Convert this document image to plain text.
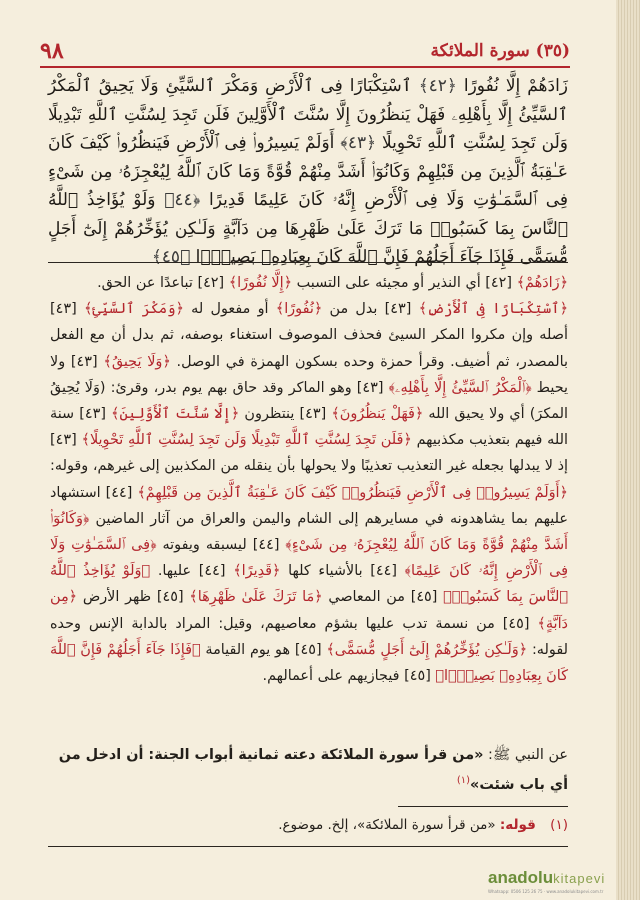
٩٨	(٣٥) سورة الملائكة
زَادَهُمْ إِلَّا نُفُورًا ﴿٤٢﴾ ٱسْتِكْبَارًا فِى ٱلْأَرْضِ وَمَكْرَ ٱلسَّيِّئِ وَلَا يَحِيقُ ٱلْمَكْرُ ٱلسَّيِّئُ إِلَّا بِأَهْلِهِۦ فَهَلْ يَنظُرُونَ إِلَّا سُنَّتَ ٱلْأَوَّلِينَ فَلَن تَجِدَ لِسُنَّتِ ٱللَّهِ تَبْدِيلًا وَلَن تَجِدَ لِسُنَّتِ ٱللَّهِ تَحْوِيلًا ﴿٤٣﴾ أَوَلَمْ يَسِيرُوا۟ فِى ٱلْأَرْضِ فَيَنظُرُوا۟ كَيْفَ كَانَ عَـٰقِبَةُ ٱلَّذِينَ مِن قَبْلِهِمْ وَكَانُوٓا۟ أَشَدَّ مِنْهُمْ قُوَّةً وَمَا كَانَ ٱللَّهُ لِيُعْجِزَهُۥ مِن شَىْءٍ فِى ٱلسَّمَـٰوَٰتِ وَلَا فِى ٱلْأَرْضِ إِنَّهُۥ كَانَ عَلِيمًا قَدِيرًا ﴿٤٤﴾ وَلَوْ يُؤَاخِذُ ٱللَّهُ ٱلنَّاسَ بِمَا كَسَبُوا۟ مَا تَرَكَ عَلَىٰ ظَهْرِهَا مِن دَآبَّةٍ وَلَـٰكِن يُؤَخِّرُهُمْ إِلَىٰٓ أَجَلٍ مُّسَمًّى فَإِذَا جَآءَ أَجَلُهُمْ فَإِنَّ ٱللَّهَ كَانَ بِعِبَادِهِۦ بَصِيرًۢا ﴿٤٥﴾

﴿ زَادَهُمْ ﴾ [٤٢] أي النذير أو مجيئه على التسبب ﴿ إِلَّا نُفُورًا ﴾ [٤٢] تباعدًا عن الحق.

﴿ ٱسْتِكْبَارًا فِى ٱلْأَرْضِ ﴾ [٤٣] بدل من ﴿ نُفُورًا ﴾ أو مفعول له ﴿ وَمَكْرَ ٱلسَّيِّئِ ﴾ [٤٣] أصله وإن مكروا المكر السيئ فحذف الموصوف استغناء بوصفه، ثم بدل أن مع الفعل بالمصدر، ثم أضيف. وقرأ حمزة وحده بسكون الهمزة في الوصل. ﴿ وَلَا يَحِيقُ ﴾ [٤٣] ولا يحيط ﴿ ٱلْمَكْرُ ٱلسَّيِّئُ إِلَّا بِأَهْلِهِۦ ﴾ [٤٣] وهو الماكر وقد حاق بهم يوم بدر، وقرئ: (وَلَا يُحِيقُ المكرَ) أي ولا يحيق الله ﴿ فَهَلْ يَنظُرُونَ ﴾ [٤٣] ينتظرون ﴿ إِلَّا سُنَّتَ ٱلْأَوَّلِينَ ﴾ [٤٣] سنة الله فيهم بتعذيب مكذبيهم ﴿ فَلَن تَجِدَ لِسُنَّتِ ٱللَّهِ تَبْدِيلًا وَلَن تَجِدَ لِسُنَّتِ ٱللَّهِ تَحْوِيلًا ﴾ [٤٣] إذ لا يبدلها بجعله غير التعذيب تعذيبًا ولا يحولها بأن ينقله من المكذبين إلى غيرهم، وقوله: ﴿ أَوَلَمْ يَسِيرُوا۟ فِى ٱلْأَرْضِ فَيَنظُرُوا۟ كَيْفَ كَانَ عَـٰقِبَةُ ٱلَّذِينَ مِن قَبْلِهِمْ ﴾ [٤٤] استشهاد عليهم بما يشاهدونه في مسايرهم إلى الشام واليمن والعراق من آثار الماضين ﴿ وَكَانُوٓا۟ أَشَدَّ مِنْهُمْ قُوَّةً وَمَا كَانَ ٱللَّهُ لِيُعْجِزَهُۥ مِن شَىْءٍ ﴾ [٤٤] ليسبقه ويفوته ﴿ فِى ٱلسَّمَـٰوَٰتِ وَلَا فِى ٱلْأَرْضِ إِنَّهُۥ كَانَ عَلِيمًا ﴾ [٤٤] بالأشياء كلها ﴿ قَدِيرًا ﴾ [٤٤] عليها. ﴿ وَلَوْ يُؤَاخِذُ ٱللَّهُ ٱلنَّاسَ بِمَا كَسَبُوا۟ ﴾ [٤٥] من المعاصي ﴿ مَا تَرَكَ عَلَىٰ ظَهْرِهَا ﴾ [٤٥] ظهر الأرض ﴿ مِن دَآبَّةٍ ﴾ [٤٥] من نسمة تدب عليها بشؤم معاصيهم، وقيل: المراد بالدابة الإنس وحده لقوله: ﴿ وَلَـٰكِن يُؤَخِّرُهُمْ إِلَىٰٓ أَجَلٍ مُّسَمًّى ﴾ [٤٥] هو يوم القيامة ﴿ فَإِذَا جَآءَ أَجَلُهُمْ فَإِنَّ ٱللَّهَ كَانَ بِعِبَادِهِۦ بَصِيرًۢا ﴾ [٤٥] فيجازيهم على أعمالهم.

عن النبي ﷺ: «من قرأ سورة الملائكة دعته ثمانية أبواب الجنة: أن ادخل من أي باب شئت»$^{(١)}$
(١) قوله: «من قرأ سورة الملائكة»، إلخ. موضوع.
anadolukitapevi
Whatsapp: 0506 125 26 75 · www.anadolukitapevi.com.tr
